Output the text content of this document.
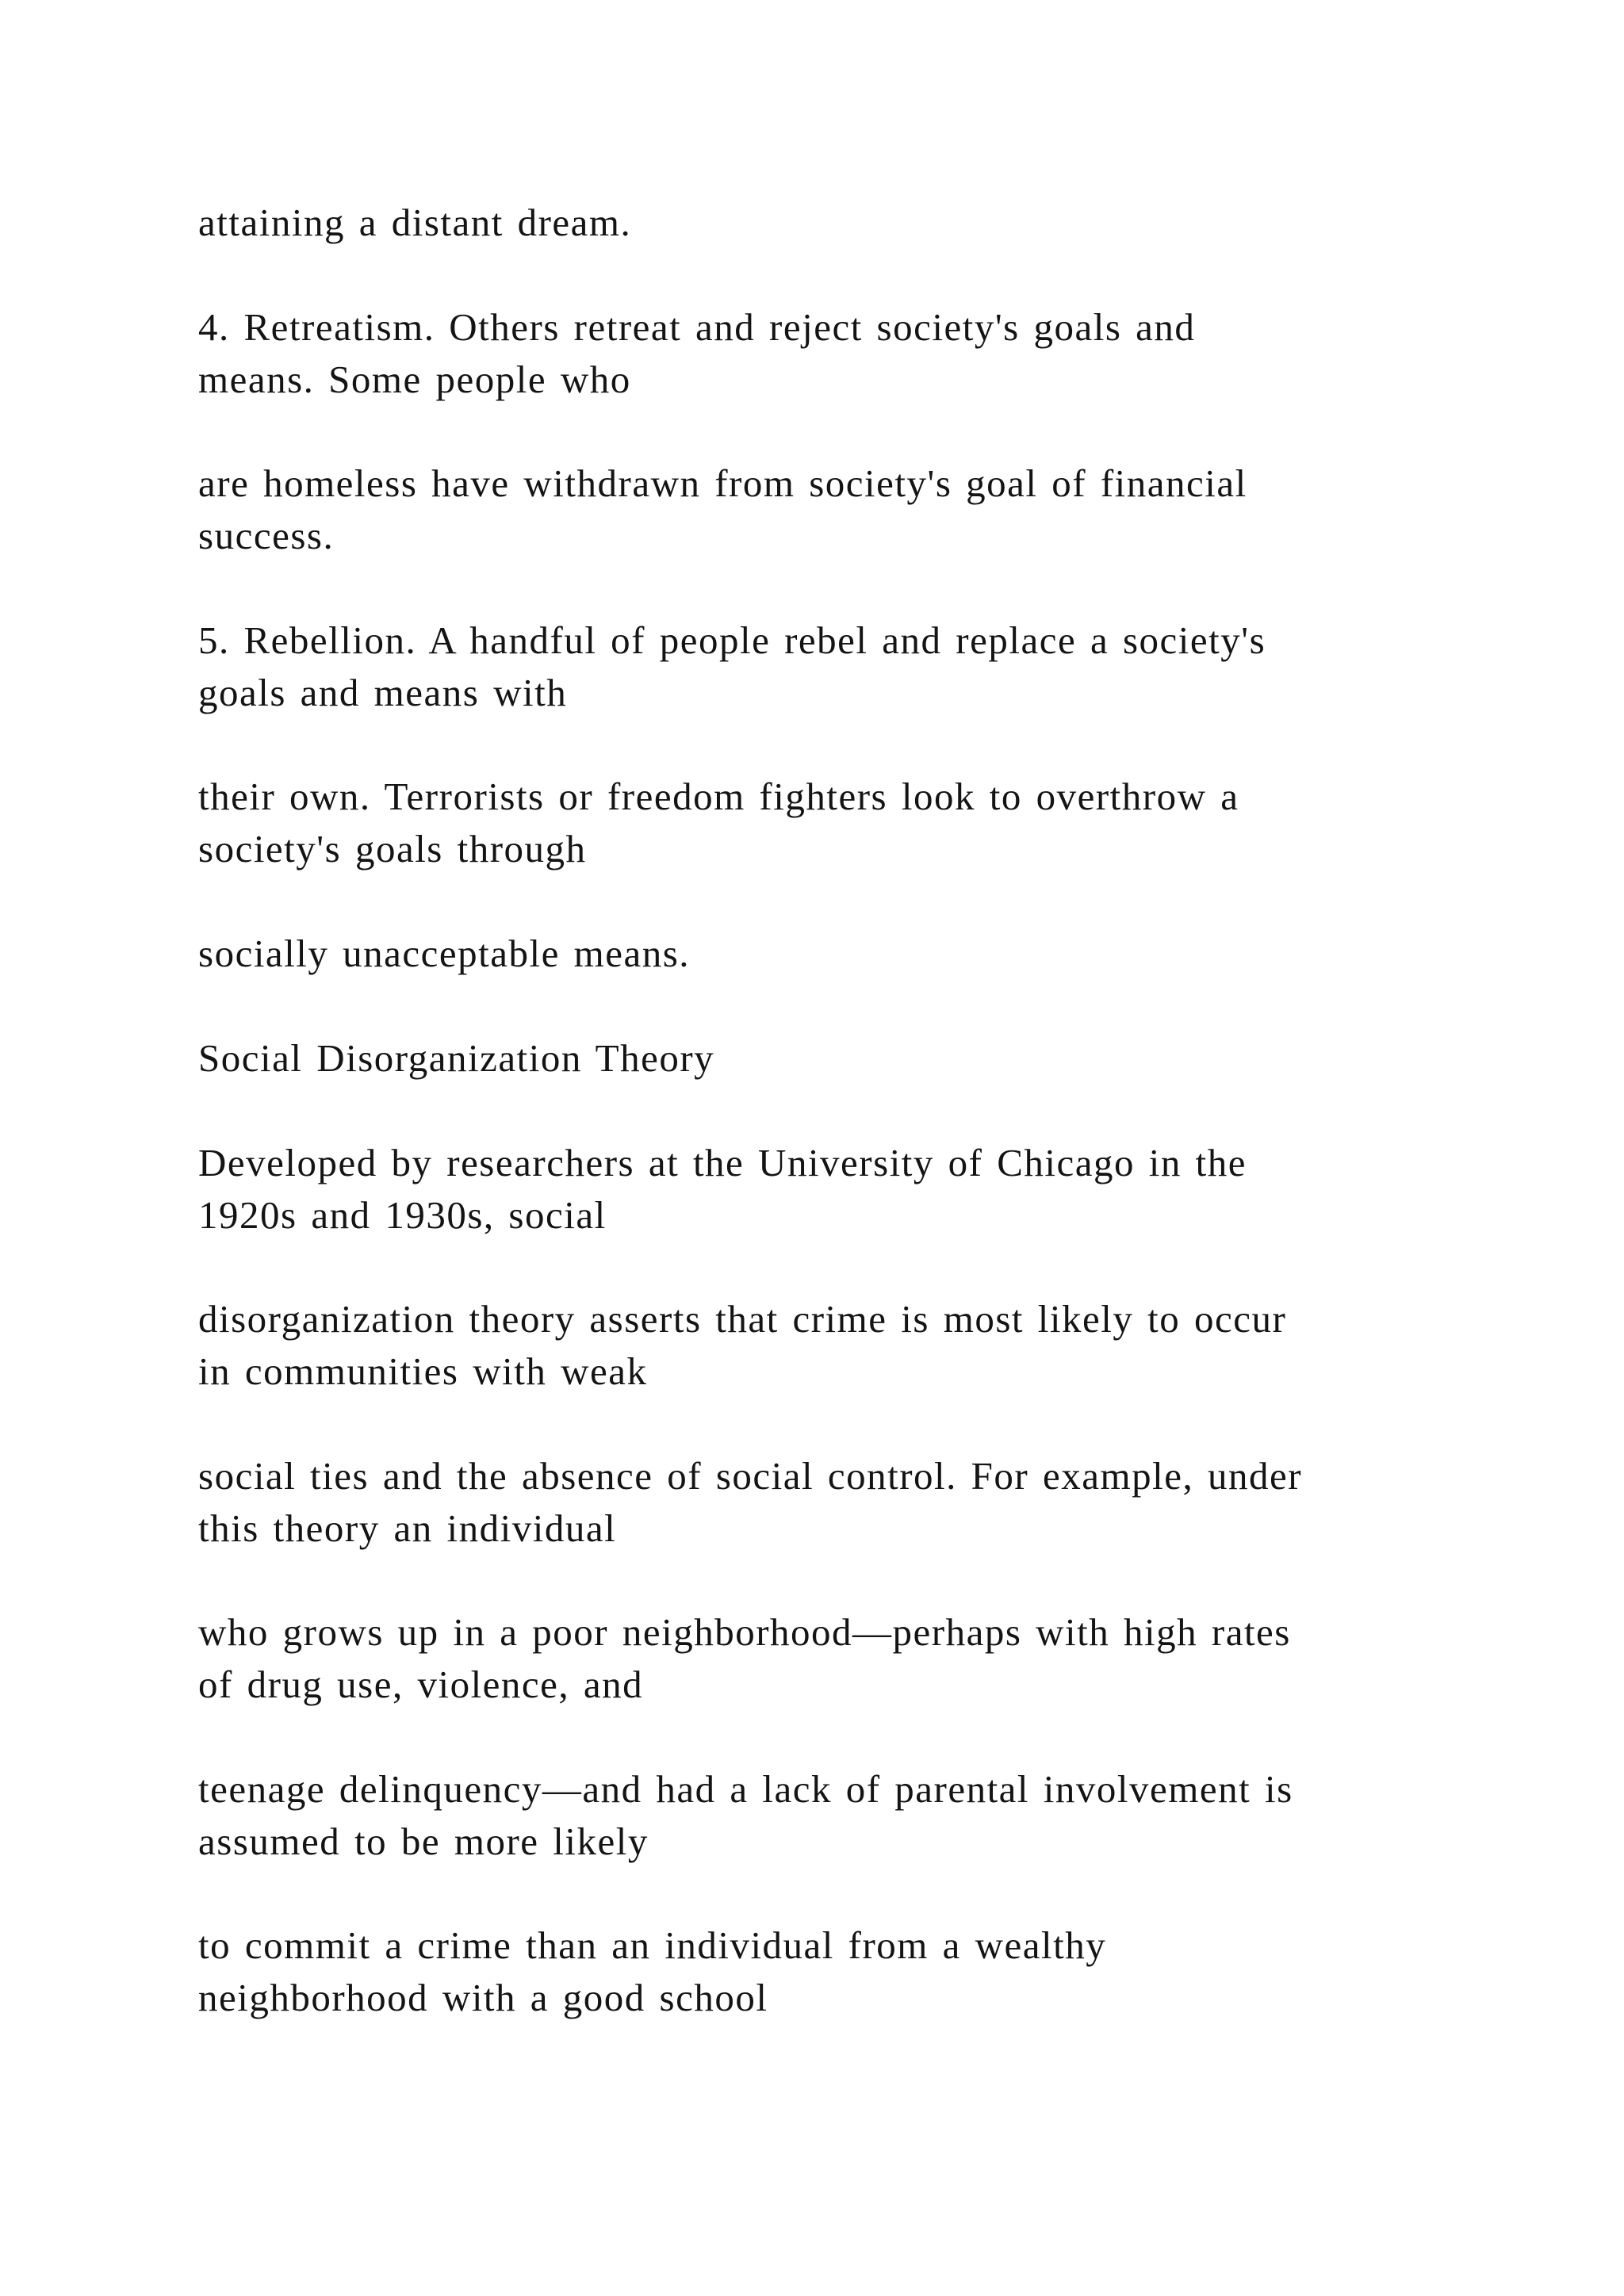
attaining a distant dream.

4. Retreatism. Others retreat and reject society's goals and
means. Some people who

are homeless have withdrawn from society's goal of financial
success.

5. Rebellion. A handful of people rebel and replace a society's
goals and means with

their own. Terrorists or freedom fighters look to overthrow a
society's goals through

socially unacceptable means.

Social Disorganization Theory

Developed by researchers at the University of Chicago in the
1920s and 1930s, social

disorganization theory asserts that crime is most likely to occur
in communities with weak

social ties and the absence of social control. For example, under
this theory an individual

who grows up in a poor neighborhood—perhaps with high rates
of drug use, violence, and

teenage delinquency—and had a lack of parental involvement is
assumed to be more likely

to commit a crime than an individual from a wealthy
neighborhood with a good school
